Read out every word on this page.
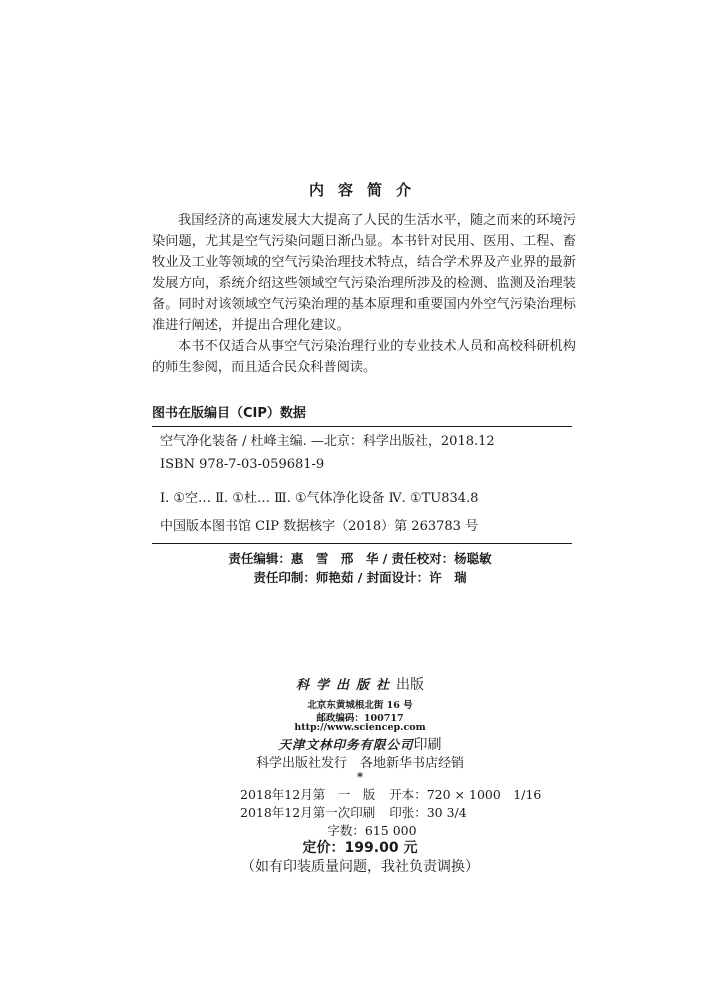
内容简介

我国经济的高速发展大大提高了人民的生活水平，随之而来的环境污染问题，尤其是空气污染问题日渐凸显。本书针对民用、医用、工程、畜牧业及工业等领域的空气污染治理技术特点，结合学术界及产业界的最新发展方向，系统介绍这些领域空气污染治理所涉及的检测、监测及治理装备。同时对该领域空气污染治理的基本原理和重要国内外空气污染治理标准进行阐述，并提出合理化建议。

本书不仅适合从事空气污染治理行业的专业技术人员和高校科研机构的师生参阅，而且适合民众科普阅读。

图书在版编目（CIP）数据
空气净化装备 / 杜峰主编. —北京：科学出版社，2018.12
ISBN 978-7-03-059681-9
Ⅰ. ①空… Ⅱ. ①杜… Ⅲ. ①气体净化设备 Ⅳ. ①TU834.8
中国版本图书馆 CIP 数据核字（2018）第 263783 号
责任编辑：惠　雪　邢　华 / 责任校对：杨聪敏
责任印制：师艳茹 / 封面设计：许　瑞
科学出版社出版
北京东黄城根北街 16 号
邮政编码：100717
http://www.sciencep.com
天津文林印务有限公司印刷
科学出版社发行　各地新华书店经销
*
2018年12月第　一　版 开本：720 × 1000　1/16
2018年12月第一次印刷 印张：30 3/4
字数：615 000
定价：199.00 元
（如有印装质量问题，我社负责调换）
